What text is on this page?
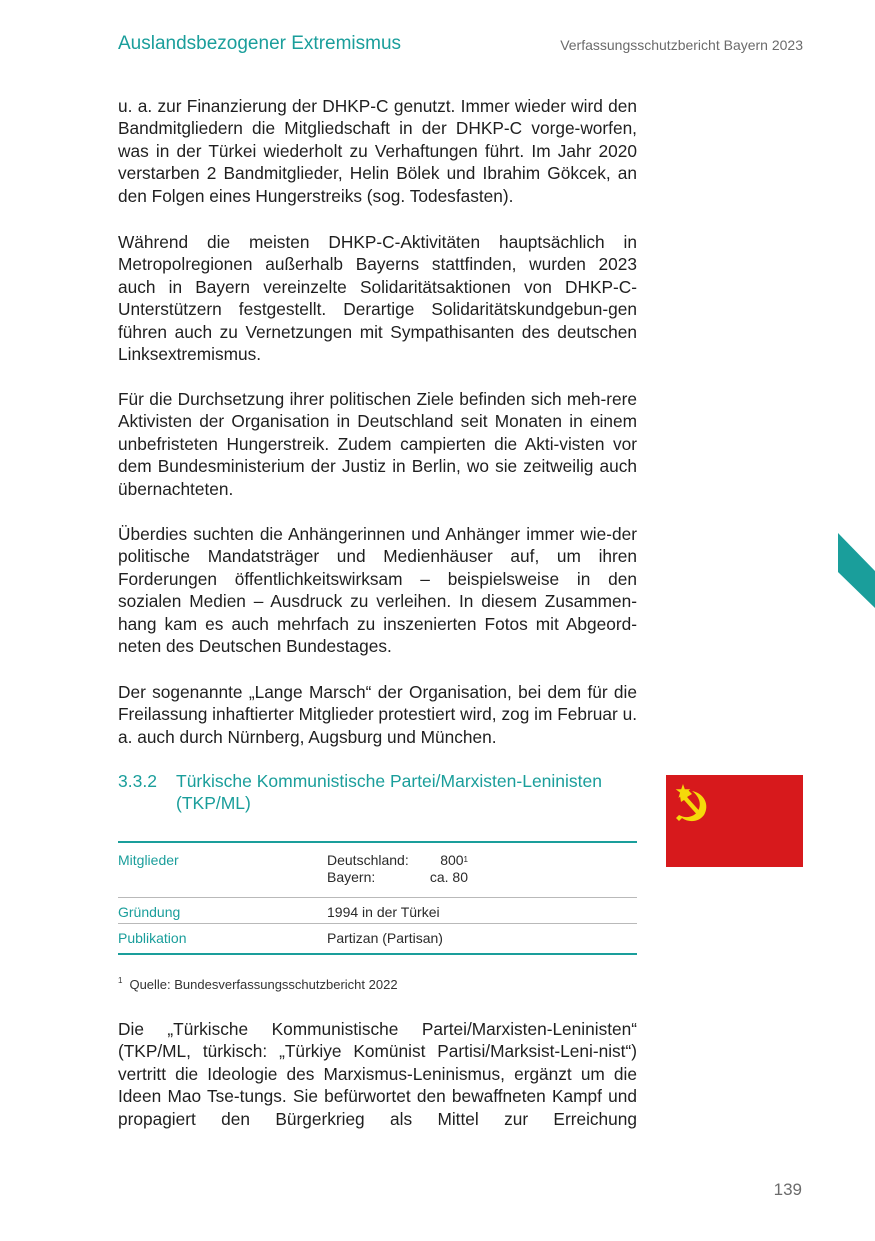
Auslandsbezogener Extremismus	Verfassungsschutzbericht Bayern 2023

u. a. zur Finanzierung der DHKP-C genutzt. Immer wieder wird den Bandmitgliedern die Mitgliedschaft in der DHKP-C vorge-worfen, was in der Türkei wiederholt zu Verhaftungen führt. Im Jahr 2020 verstarben 2 Bandmitglieder, Helin Bölek und Ibrahim Gökcek, an den Folgen eines Hungerstreiks (sog. Todesfasten).

Während die meisten DHKP-C-Aktivitäten hauptsächlich in Metropolregionen außerhalb Bayerns stattfinden, wurden 2023 auch in Bayern vereinzelte Solidaritätsaktionen von DHKP-C-Unterstützern festgestellt. Derartige Solidaritätskundgebun-gen führen auch zu Vernetzungen mit Sympathisanten des deutschen Linksextremismus.

Für die Durchsetzung ihrer politischen Ziele befinden sich meh-rere Aktivisten der Organisation in Deutschland seit Monaten in einem unbefristeten Hungerstreik. Zudem campierten die Akti-visten vor dem Bundesministerium der Justiz in Berlin, wo sie zeitweilig auch übernachteten.

Überdies suchten die Anhängerinnen und Anhänger immer wie-der politische Mandatsträger und Medienhäuser auf, um ihren Forderungen öffentlichkeitswirksam – beispielsweise in den sozialen Medien – Ausdruck zu verleihen. In diesem Zusammen-hang kam es auch mehrfach zu inszenierten Fotos mit Abgeord-neten des Deutschen Bundestages.

Der sogenannte „Lange Marsch“ der Organisation, bei dem für die Freilassung inhaftierter Mitglieder protestiert wird, zog im Februar u. a. auch durch Nürnberg, Augsburg und München.

3.3.2 Türkische Kommunistische Partei/Marxisten-Leninisten (TKP/ML)
Mitglieder	Deutschland:	$800^1$
Bayern:	ca. 80
Gründung	1994 in der Türkei
Publikation	Partizan (Partisan)
$^1$ Quelle: Bundesverfassungsschutzbericht 2022

Die „Türkische Kommunistische Partei/Marxisten-Leninisten“ (TKP/ML, türkisch: „Türkiye Komünist Partisi/Marksist-Leni-nist“) vertritt die Ideologie des Marxismus-Leninismus, ergänzt um die Ideen Mao Tse-tungs. Sie befürwortet den bewaffneten Kampf und propagiert den Bürgerkrieg als Mittel zur Erreichung

139
